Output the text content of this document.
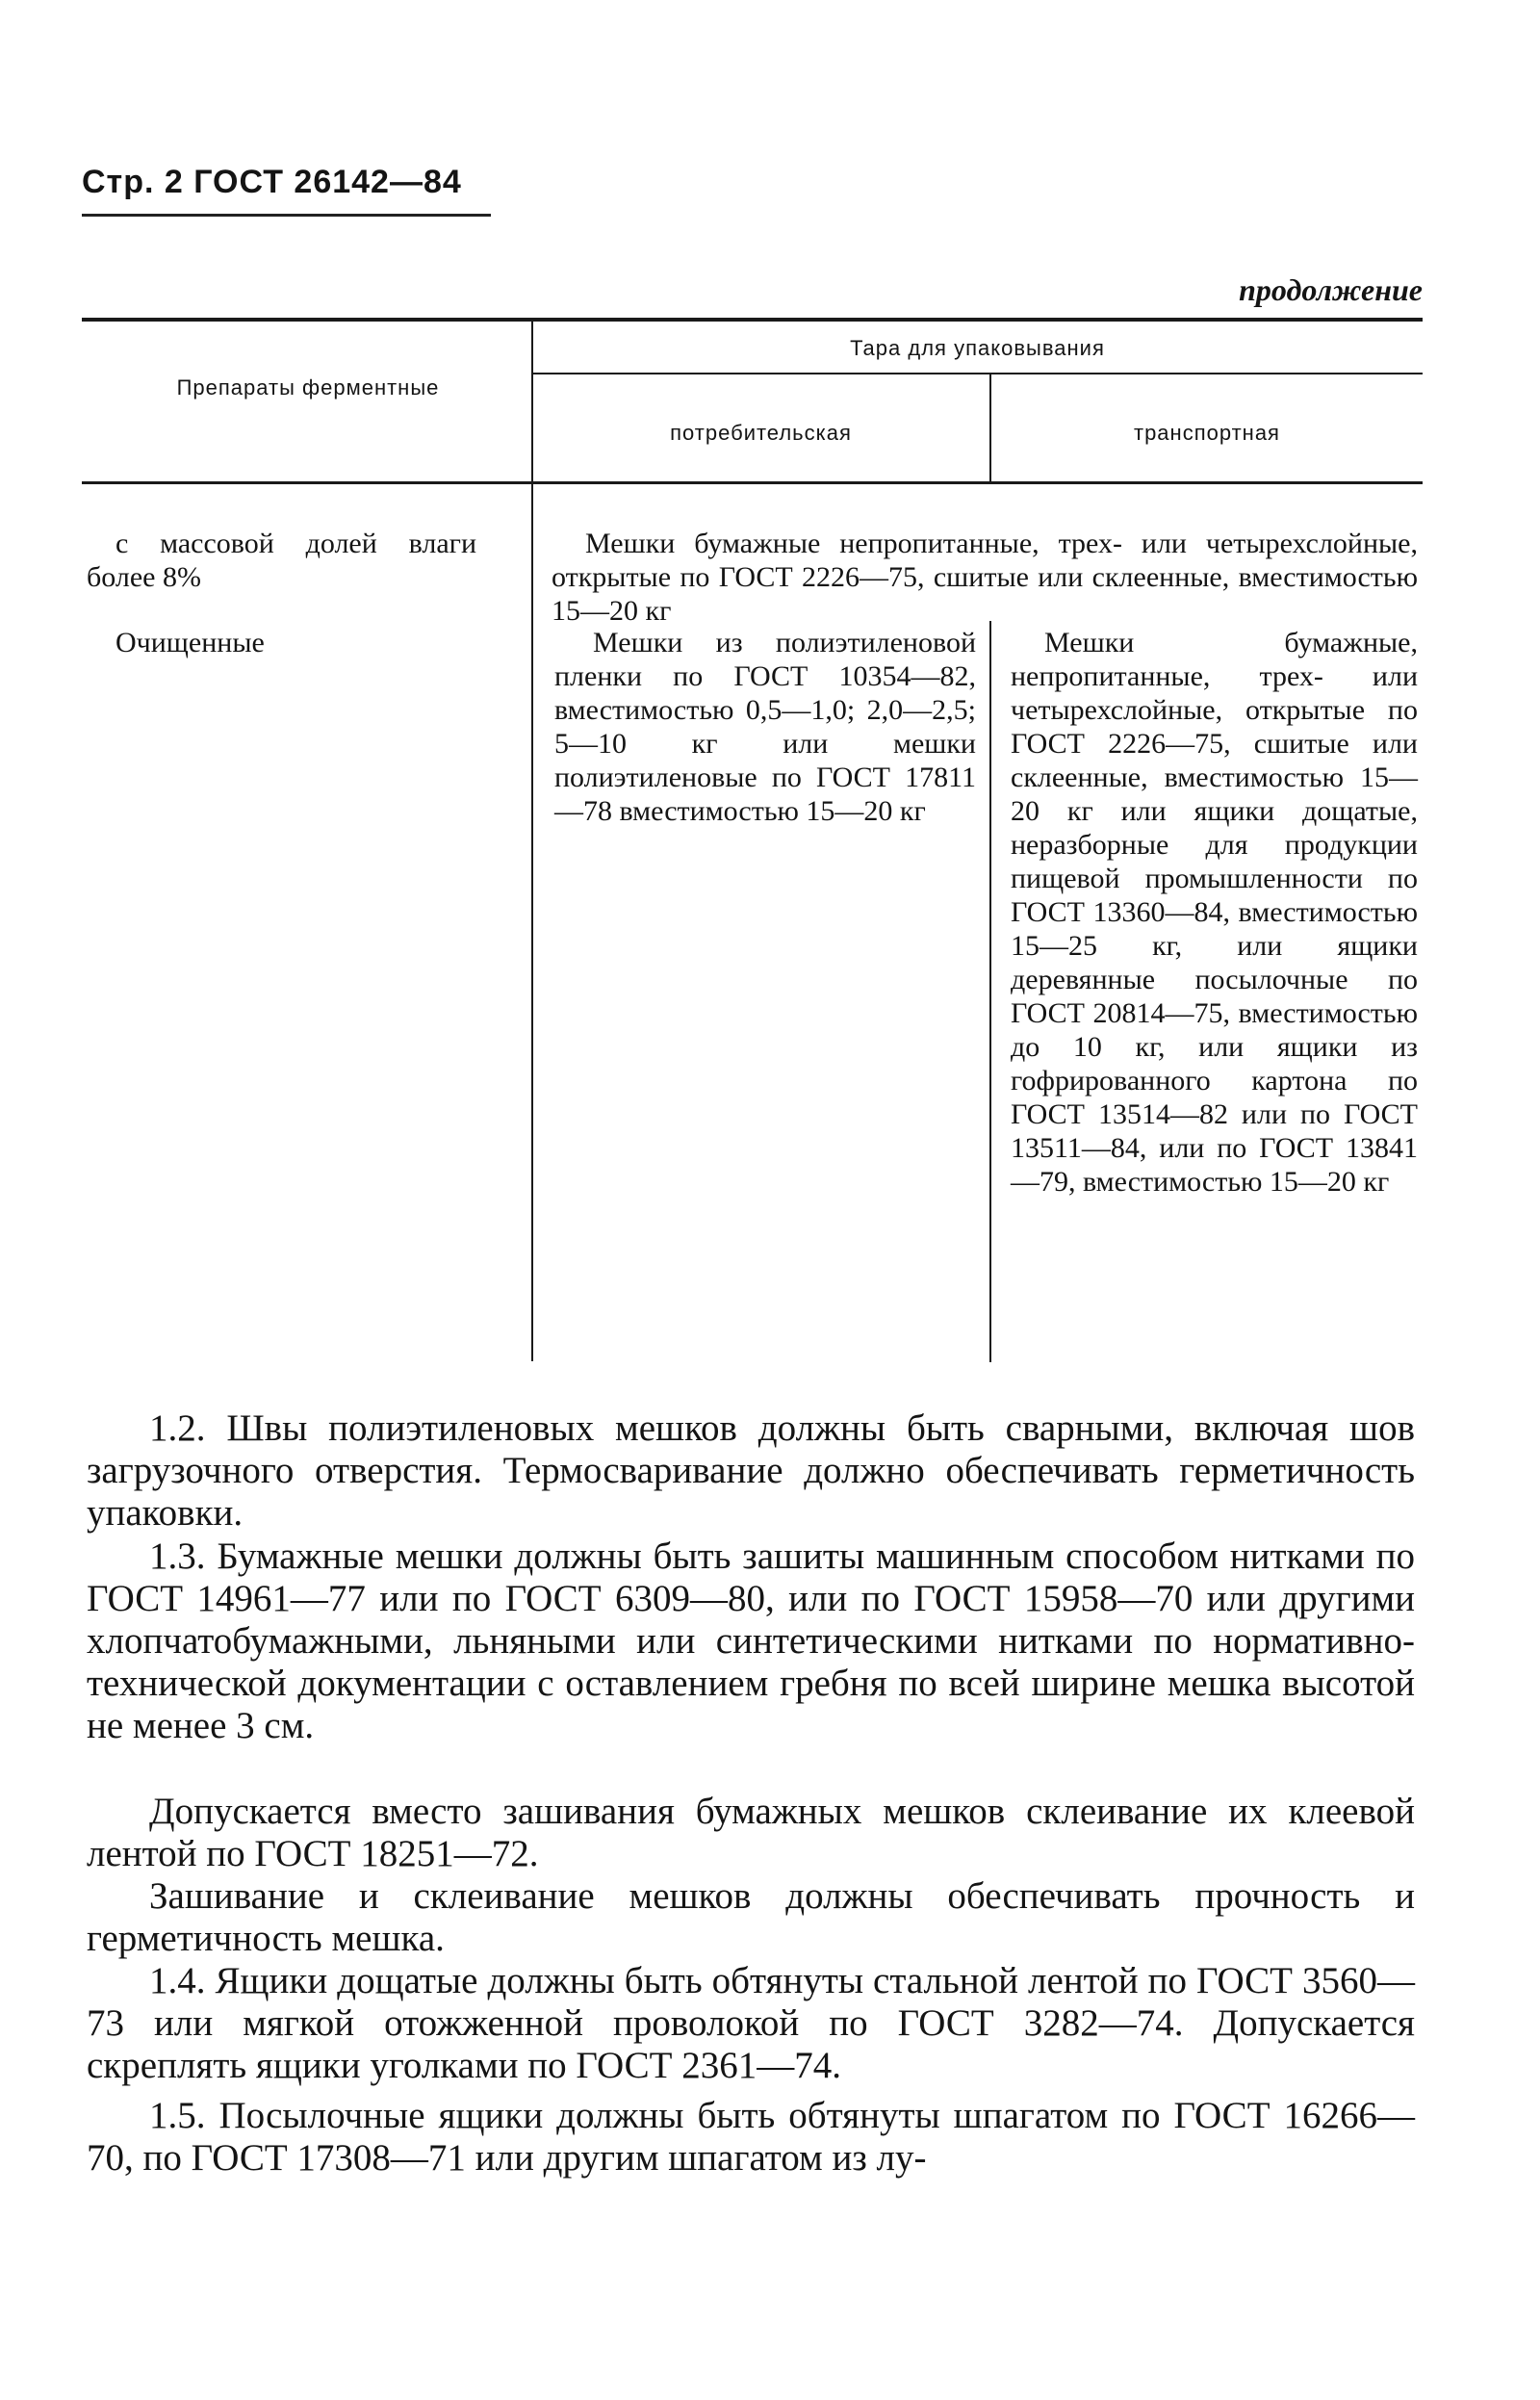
Стр. 2 ГОСТ 26142—84
продолжение
Препараты ферментные
Тара для упаковывания
потребительская	транспортная
с массовой долей влаги более 8%
Мешки бумажные непропитанные, трех- или четырехслойные, открытые по ГОСТ 2226—75, сшитые или склеенные, вместимостью 15—20 кг
Очищенные	Мешки из полиэтиленовой пленки по ГОСТ 10354—82, вместимостью 0,5—1,0; 2,0—2,5; 5—10 кг или мешки полиэтиленовые по ГОСТ 17811—78 вместимостью 15—20 кг
Мешки бумажные, непропитанные, трех- или четырехслойные, открытые по ГОСТ 2226—75, сшитые или склеенные, вместимостью 15—20 кг или ящики дощатые, неразборные для продукции пищевой промышленности по ГОСТ 13360—84, вместимостью 15—25 кг, или ящики деревянные посылочные по ГОСТ 20814—75, вместимостью до 10 кг, или ящики из гофрированного картона по ГОСТ 13514—82 или по ГОСТ 13511—84, или по ГОСТ 13841—79, вместимостью 15—20 кг

1.2. Швы полиэтиленовых мешков должны быть сварными, включая шов загрузочного отверстия. Термосваривание должно обеспечивать герметичность упаковки.

1.3. Бумажные мешки должны быть зашиты машинным способом нитками по ГОСТ 14961—77 или по ГОСТ 6309—80, или по ГОСТ 15958—70 или другими хлопчатобумажными, льняными или синтетическими нитками по нормативно-технической документации с оставлением гребня по всей ширине мешка высотой не менее 3 см.

Допускается вместо зашивания бумажных мешков склеивание их клеевой лентой по ГОСТ 18251—72.

Зашивание и склеивание мешков должны обеспечивать прочность и герметичность мешка.

1.4. Ящики дощатые должны быть обтянуты стальной лентой по ГОСТ 3560—73 или мягкой отожженной проволокой по ГОСТ 3282—74. Допускается скреплять ящики уголками по ГОСТ 2361—74.

1.5. Посылочные ящики должны быть обтянуты шпагатом по ГОСТ 16266—70, по ГОСТ 17308—71 или другим шпагатом из лу-
